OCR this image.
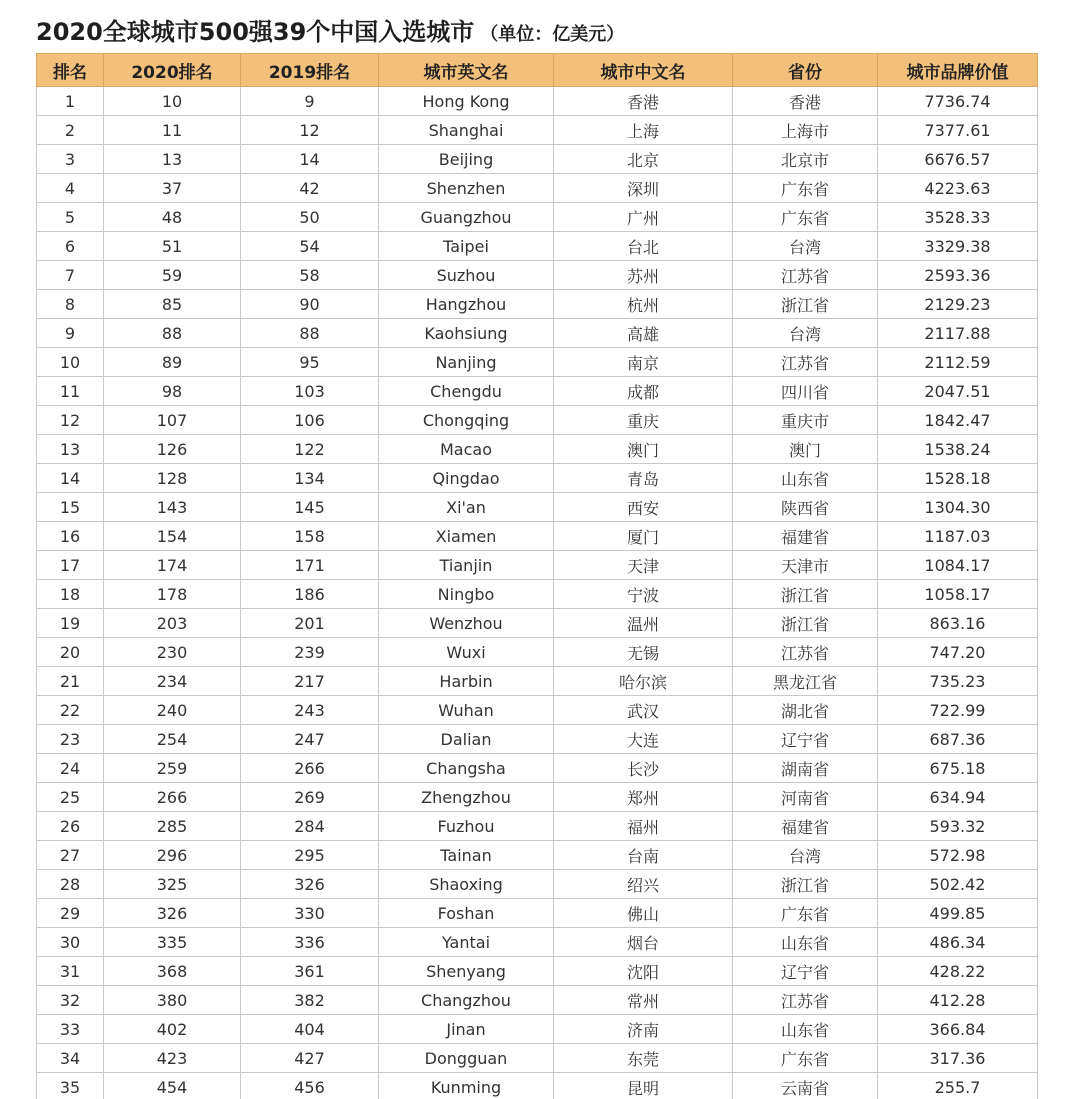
2020全球城市500强39个中国入选城市 （单位：亿美元）
排名	2020排名	2019排名	城市英文名	城市中文名	省份	城市品牌价值
1	10	9	Hong Kong	香港	香港	7736.74
2	11	12	Shanghai	上海	上海市	7377.61
3	13	14	Beijing	北京	北京市	6676.57
4	37	42	Shenzhen	深圳	广东省	4223.63
5	48	50	Guangzhou	广州	广东省	3528.33
6	51	54	Taipei	台北	台湾	3329.38
7	59	58	Suzhou	苏州	江苏省	2593.36
8	85	90	Hangzhou	杭州	浙江省	2129.23
9	88	88	Kaohsiung	高雄	台湾	2117.88
10	89	95	Nanjing	南京	江苏省	2112.59
11	98	103	Chengdu	成都	四川省	2047.51
12	107	106	Chongqing	重庆	重庆市	1842.47
13	126	122	Macao	澳门	澳门	1538.24
14	128	134	Qingdao	青岛	山东省	1528.18
15	143	145	Xi'an	西安	陕西省	1304.30
16	154	158	Xiamen	厦门	福建省	1187.03
17	174	171	Tianjin	天津	天津市	1084.17
18	178	186	Ningbo	宁波	浙江省	1058.17
19	203	201	Wenzhou	温州	浙江省	863.16
20	230	239	Wuxi	无锡	江苏省	747.20
21	234	217	Harbin	哈尔滨	黑龙江省	735.23
22	240	243	Wuhan	武汉	湖北省	722.99
23	254	247	Dalian	大连	辽宁省	687.36
24	259	266	Changsha	长沙	湖南省	675.18
25	266	269	Zhengzhou	郑州	河南省	634.94
26	285	284	Fuzhou	福州	福建省	593.32
27	296	295	Tainan	台南	台湾	572.98
28	325	326	Shaoxing	绍兴	浙江省	502.42
29	326	330	Foshan	佛山	广东省	499.85
30	335	336	Yantai	烟台	山东省	486.34
31	368	361	Shenyang	沈阳	辽宁省	428.22
32	380	382	Changzhou	常州	江苏省	412.28
33	402	404	Jinan	济南	山东省	366.84
34	423	427	Dongguan	东莞	广东省	317.36
35	454	456	Kunming	昆明	云南省	255.7
